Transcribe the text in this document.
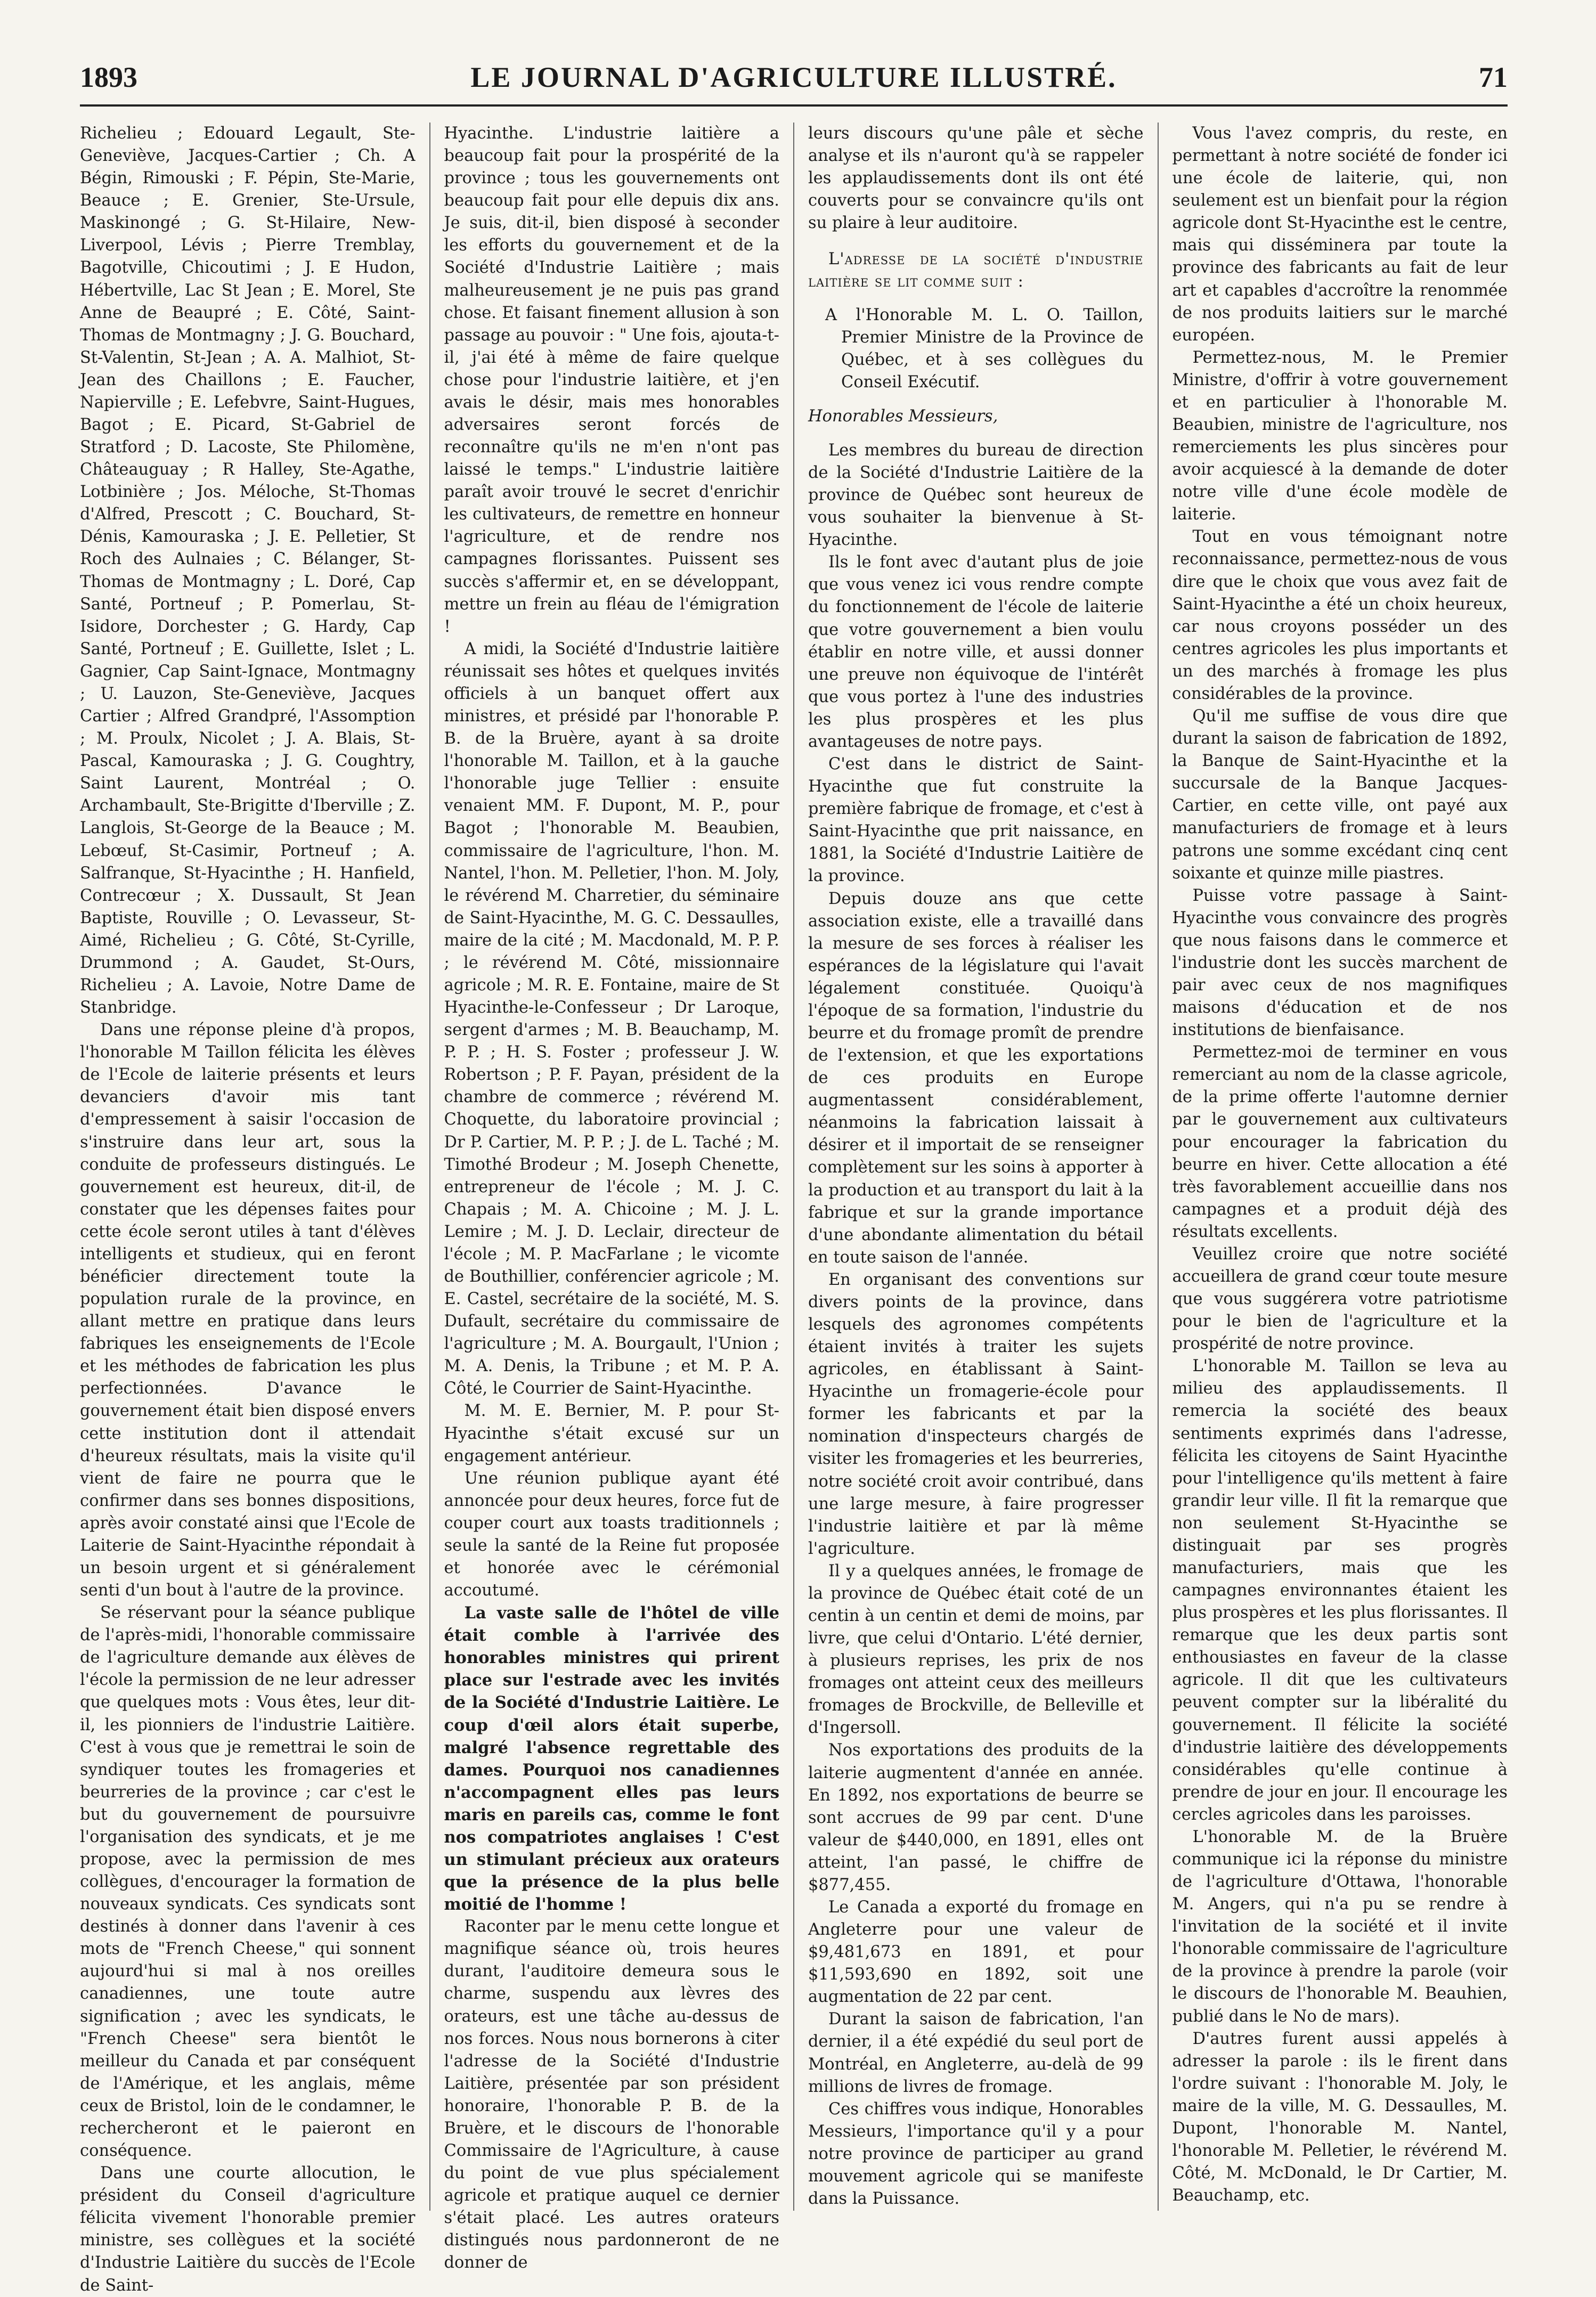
1893	LE JOURNAL D'AGRICULTURE ILLUSTRÉ.	71

Richelieu ; Edouard Legault, Ste-Geneviève, Jacques-Cartier ; Ch. A Bégin, Rimouski ; F. Pépin, Ste-Marie, Beauce ; E. Grenier, Ste-Ursule, Maskinongé ; G. St-Hilaire, New-Liverpool, Lévis ; Pierre Tremblay, Bagotville, Chicoutimi ; J. E Hudon, Hébertville, Lac St Jean ; E. Morel, Ste Anne de Beaupré ; E. Côté, Saint-Thomas de Montmagny ; J. G. Bouchard, St-Valentin, St-Jean ; A. A. Malhiot, St-Jean des Chaillons ; E. Faucher, Napierville ; E. Lefebvre, Saint-Hugues, Bagot ; E. Picard, St-Gabriel de Stratford ; D. Lacoste, Ste Philomène, Châteauguay ; R Halley, Ste-Agathe, Lotbinière ; Jos. Méloche, St-Thomas d'Alfred, Prescott ; C. Bouchard, St-Dénis, Kamouraska ; J. E. Pelletier, St Roch des Aulnaies ; C. Bélanger, St-Thomas de Montmagny ; L. Doré, Cap Santé, Portneuf ; P. Pomerlau, St-Isidore, Dorchester ; G. Hardy, Cap Santé, Portneuf ; E. Guillette, Islet ; L. Gagnier, Cap Saint-Ignace, Montmagny ; U. Lauzon, Ste-Geneviève, Jacques Cartier ; Alfred Grandpré, l'Assomption ; M. Proulx, Nicolet ; J. A. Blais, St-Pascal, Kamouraska ; J. G. Coughtry, Saint Laurent, Montréal ; O. Archambault, Ste-Brigitte d'Iberville ; Z. Langlois, St-George de la Beauce ; M. Lebœuf, St-Casimir, Portneuf ; A. Salfranque, St-Hyacinthe ; H. Hanfield, Contrecœur ; X. Dussault, St Jean Baptiste, Rouville ; O. Levasseur, St-Aimé, Richelieu ; G. Côté, St-Cyrille, Drummond ; A. Gaudet, St-Ours, Richelieu ; A. Lavoie, Notre Dame de Stanbridge.

Dans une réponse pleine d'à propos, l'honorable M Taillon félicita les élèves de l'Ecole de laiterie présents et leurs devanciers d'avoir mis tant d'empressement à saisir l'occasion de s'instruire dans leur art, sous la conduite de professeurs distingués. Le gouvernement est heureux, dit-il, de constater que les dépenses faites pour cette école seront utiles à tant d'élèves intelligents et studieux, qui en feront bénéficier directement toute la population rurale de la province, en allant mettre en pratique dans leurs fabriques les enseignements de l'Ecole et les méthodes de fabrication les plus perfectionnées. D'avance le gouvernement était bien disposé envers cette institution dont il attendait d'heureux résultats, mais la visite qu'il vient de faire ne pourra que le confirmer dans ses bonnes dispositions, après avoir constaté ainsi que l'Ecole de Laiterie de Saint-Hyacinthe répondait à un besoin urgent et si généralement senti d'un bout à l'autre de la province.

Se réservant pour la séance publique de l'après-midi, l'honorable commissaire de l'agriculture demande aux élèves de l'école la permission de ne leur adresser que quelques mots : Vous êtes, leur dit-il, les pionniers de l'industrie Laitière. C'est à vous que je remettrai le soin de syndiquer toutes les fromageries et beurreries de la province ; car c'est le but du gouvernement de poursuivre l'organisation des syndicats, et je me propose, avec la permission de mes collègues, d'encourager la formation de nouveaux syndicats. Ces syndicats sont destinés à donner dans l'avenir à ces mots de "French Cheese," qui sonnent aujourd'hui si mal à nos oreilles canadiennes, une toute autre signification ; avec les syndicats, le "French Cheese" sera bientôt le meilleur du Canada et par conséquent de l'Amérique, et les anglais, même ceux de Bristol, loin de le condamner, le rechercheront et le paieront en conséquence.

Dans une courte allocution, le président du Conseil d'agriculture félicita vivement l'honorable premier ministre, ses collègues et la société d'Industrie Laitière du succès de l'Ecole de Saint-

Hyacinthe. L'industrie laitière a beaucoup fait pour la prospérité de la province ; tous les gouvernements ont beaucoup fait pour elle depuis dix ans. Je suis, dit-il, bien disposé à seconder les efforts du gouvernement et de la Société d'Industrie Laitière ; mais malheureusement je ne puis pas grand chose. Et faisant finement allusion à son passage au pouvoir : " Une fois, ajouta-t-il, j'ai été à même de faire quelque chose pour l'industrie laitière, et j'en avais le désir, mais mes honorables adversaires seront forcés de reconnaître qu'ils ne m'en n'ont pas laissé le temps." L'industrie laitière paraît avoir trouvé le secret d'enrichir les cultivateurs, de remettre en honneur l'agriculture, et de rendre nos campagnes florissantes. Puissent ses succès s'affermir et, en se développant, mettre un frein au fléau de l'émigration !

A midi, la Société d'Industrie laitière réunissait ses hôtes et quelques invités officiels à un banquet offert aux ministres, et présidé par l'honorable P. B. de la Bruère, ayant à sa droite l'honorable M. Taillon, et à la gauche l'honorable juge Tellier : ensuite venaient MM. F. Dupont, M. P., pour Bagot ; l'honorable M. Beaubien, commissaire de l'agriculture, l'hon. M. Nantel, l'hon. M. Pelletier, l'hon. M. Joly, le révérend M. Charretier, du séminaire de Saint-Hyacinthe, M. G. C. Dessaulles, maire de la cité ; M. Macdonald, M. P. P. ; le révérend M. Côté, missionnaire agricole ; M. R. E. Fontaine, maire de St Hyacinthe-le-Confesseur ; Dr Laroque, sergent d'armes ; M. B. Beauchamp, M. P. P. ; H. S. Foster ; professeur J. W. Robertson ; P. F. Payan, président de la chambre de commerce ; révérend M. Choquette, du laboratoire provincial ; Dr P. Cartier, M. P. P. ; J. de L. Taché ; M. Timothé Brodeur ; M. Joseph Chenette, entrepreneur de l'école ; M. J. C. Chapais ; M. A. Chicoine ; M. J. L. Lemire ; M. J. D. Leclair, directeur de l'école ; M. P. MacFarlane ; le vicomte de Bouthillier, conférencier agricole ; M. E. Castel, secrétaire de la société, M. S. Dufault, secrétaire du commissaire de l'agriculture ; M. A. Bourgault, l'Union ; M. A. Denis, la Tribune ; et M. P. A. Côté, le Courrier de Saint-Hyacinthe.

M. M. E. Bernier, M. P. pour St-Hyacinthe s'était excusé sur un engagement antérieur.

Une réunion publique ayant été annoncée pour deux heures, force fut de couper court aux toasts traditionnels ; seule la santé de la Reine fut proposée et honorée avec le cérémonial accoutumé.

La vaste salle de l'hôtel de ville était comble à l'arrivée des honorables ministres qui prirent place sur l'estrade avec les invités de la Société d'Industrie Laitière. Le coup d'œil alors était superbe, malgré l'absence regrettable des dames. Pourquoi nos canadiennes n'accompagnent elles pas leurs maris en pareils cas, comme le font nos compatriotes anglaises ! C'est un stimulant précieux aux orateurs que la présence de la plus belle moitié de l'homme !

Raconter par le menu cette longue et magnifique séance où, trois heures durant, l'auditoire demeura sous le charme, suspendu aux lèvres des orateurs, est une tâche au-dessus de nos forces. Nous nous bornerons à citer l'adresse de la Société d'Industrie Laitière, présentée par son président honoraire, l'honorable P. B. de la Bruère, et le discours de l'honorable Commissaire de l'Agriculture, à cause du point de vue plus spécialement agricole et pratique auquel ce dernier s'était placé. Les autres orateurs distingués nous pardonneront de ne donner de

leurs discours qu'une pâle et sèche analyse et ils n'auront qu'à se rappeler les applaudissements dont ils ont été couverts pour se convaincre qu'ils ont su plaire à leur auditoire.

L'adresse de la société d'industrie laitière se lit comme suit :

A l'Honorable M. L. O. Taillon, Premier Ministre de la Province de Québec, et à ses collègues du Conseil Exécutif.

Honorables Messieurs,

Les membres du bureau de direction de la Société d'Industrie Laitière de la province de Québec sont heureux de vous souhaiter la bienvenue à St-Hyacinthe.

Ils le font avec d'autant plus de joie que vous venez ici vous rendre compte du fonctionnement de l'école de laiterie que votre gouvernement a bien voulu établir en notre ville, et aussi donner une preuve non équivoque de l'intérêt que vous portez à l'une des industries les plus prospères et les plus avantageuses de notre pays.

C'est dans le district de Saint-Hyacinthe que fut construite la première fabrique de fromage, et c'est à Saint-Hyacinthe que prit naissance, en 1881, la Société d'Industrie Laitière de la province.

Depuis douze ans que cette association existe, elle a travaillé dans la mesure de ses forces à réaliser les espérances de la législature qui l'avait légalement constituée. Quoiqu'à l'époque de sa formation, l'industrie du beurre et du fromage promît de prendre de l'extension, et que les exportations de ces produits en Europe augmentassent considérablement, néanmoins la fabrication laissait à désirer et il importait de se renseigner complètement sur les soins à apporter à la production et au transport du lait à la fabrique et sur la grande importance d'une abondante alimentation du bétail en toute saison de l'année.

En organisant des conventions sur divers points de la province, dans lesquels des agronomes compétents étaient invités à traiter les sujets agricoles, en établissant à Saint-Hyacinthe un fromagerie-école pour former les fabricants et par la nomination d'inspecteurs chargés de visiter les fromageries et les beurreries, notre société croit avoir contribué, dans une large mesure, à faire progresser l'industrie laitière et par là même l'agriculture.

Il y a quelques années, le fromage de la province de Québec était coté de un centin à un centin et demi de moins, par livre, que celui d'Ontario. L'été dernier, à plusieurs reprises, les prix de nos fromages ont atteint ceux des meilleurs fromages de Brockville, de Belleville et d'Ingersoll.

Nos exportations des produits de la laiterie augmentent d'année en année. En 1892, nos exportations de beurre se sont accrues de 99 par cent. D'une valeur de $440,000, en 1891, elles ont atteint, l'an passé, le chiffre de $877,455.

Le Canada a exporté du fromage en Angleterre pour une valeur de $9,481,673 en 1891, et pour $11,593,690 en 1892, soit une augmentation de 22 par cent.

Durant la saison de fabrication, l'an dernier, il a été expédié du seul port de Montréal, en Angleterre, au-delà de 99 millions de livres de fromage.

Ces chiffres vous indique, Honorables Messieurs, l'importance qu'il y a pour notre province de participer au grand mouvement agricole qui se manifeste dans la Puissance.

Vous l'avez compris, du reste, en permettant à notre société de fonder ici une école de laiterie, qui, non seulement est un bienfait pour la région agricole dont St-Hyacinthe est le centre, mais qui disséminera par toute la province des fabricants au fait de leur art et capables d'accroître la renommée de nos produits laitiers sur le marché européen.

Permettez-nous, M. le Premier Ministre, d'offrir à votre gouvernement et en particulier à l'honorable M. Beaubien, ministre de l'agriculture, nos remerciements les plus sincères pour avoir acquiescé à la demande de doter notre ville d'une école modèle de laiterie.

Tout en vous témoignant notre reconnaissance, permettez-nous de vous dire que le choix que vous avez fait de Saint-Hyacinthe a été un choix heureux, car nous croyons posséder un des centres agricoles les plus importants et un des marchés à fromage les plus considérables de la province.

Qu'il me suffise de vous dire que durant la saison de fabrication de 1892, la Banque de Saint-Hyacinthe et la succursale de la Banque Jacques-Cartier, en cette ville, ont payé aux manufacturiers de fromage et à leurs patrons une somme excédant cinq cent soixante et quinze mille piastres.

Puisse votre passage à Saint-Hyacinthe vous convaincre des progrès que nous faisons dans le commerce et l'industrie dont les succès marchent de pair avec ceux de nos magnifiques maisons d'éducation et de nos institutions de bienfaisance.

Permettez-moi de terminer en vous remerciant au nom de la classe agricole, de la prime offerte l'automne dernier par le gouvernement aux cultivateurs pour encourager la fabrication du beurre en hiver. Cette allocation a été très favorablement accueillie dans nos campagnes et a produit déjà des résultats excellents.

Veuillez croire que notre société accueillera de grand cœur toute mesure que vous suggérera votre patriotisme pour le bien de l'agriculture et la prospérité de notre province.

L'honorable M. Taillon se leva au milieu des applaudissements. Il remercia la société des beaux sentiments exprimés dans l'adresse, félicita les citoyens de Saint Hyacinthe pour l'intelligence qu'ils mettent à faire grandir leur ville. Il fit la remarque que non seulement St-Hyacinthe se distinguait par ses progrès manufacturiers, mais que les campagnes environnantes étaient les plus prospères et les plus florissantes. Il remarque que les deux partis sont enthousiastes en faveur de la classe agricole. Il dit que les cultivateurs peuvent compter sur la libéralité du gouvernement. Il félicite la société d'industrie laitière des développements considérables qu'elle continue à prendre de jour en jour. Il encourage les cercles agricoles dans les paroisses.

L'honorable M. de la Bruère communique ici la réponse du ministre de l'agriculture d'Ottawa, l'honorable M. Angers, qui n'a pu se rendre à l'invitation de la société et il invite l'honorable commissaire de l'agriculture de la province à prendre la parole (voir le discours de l'honorable M. Beauhien, publié dans le No de mars).

D'autres furent aussi appelés à adresser la parole : ils le firent dans l'ordre suivant : l'honorable M. Joly, le maire de la ville, M. G. Dessaulles, M. Dupont, l'honorable M. Nantel, l'honorable M. Pelletier, le révérend M. Côté, M. McDonald, le Dr Cartier, M. Beauchamp, etc.
